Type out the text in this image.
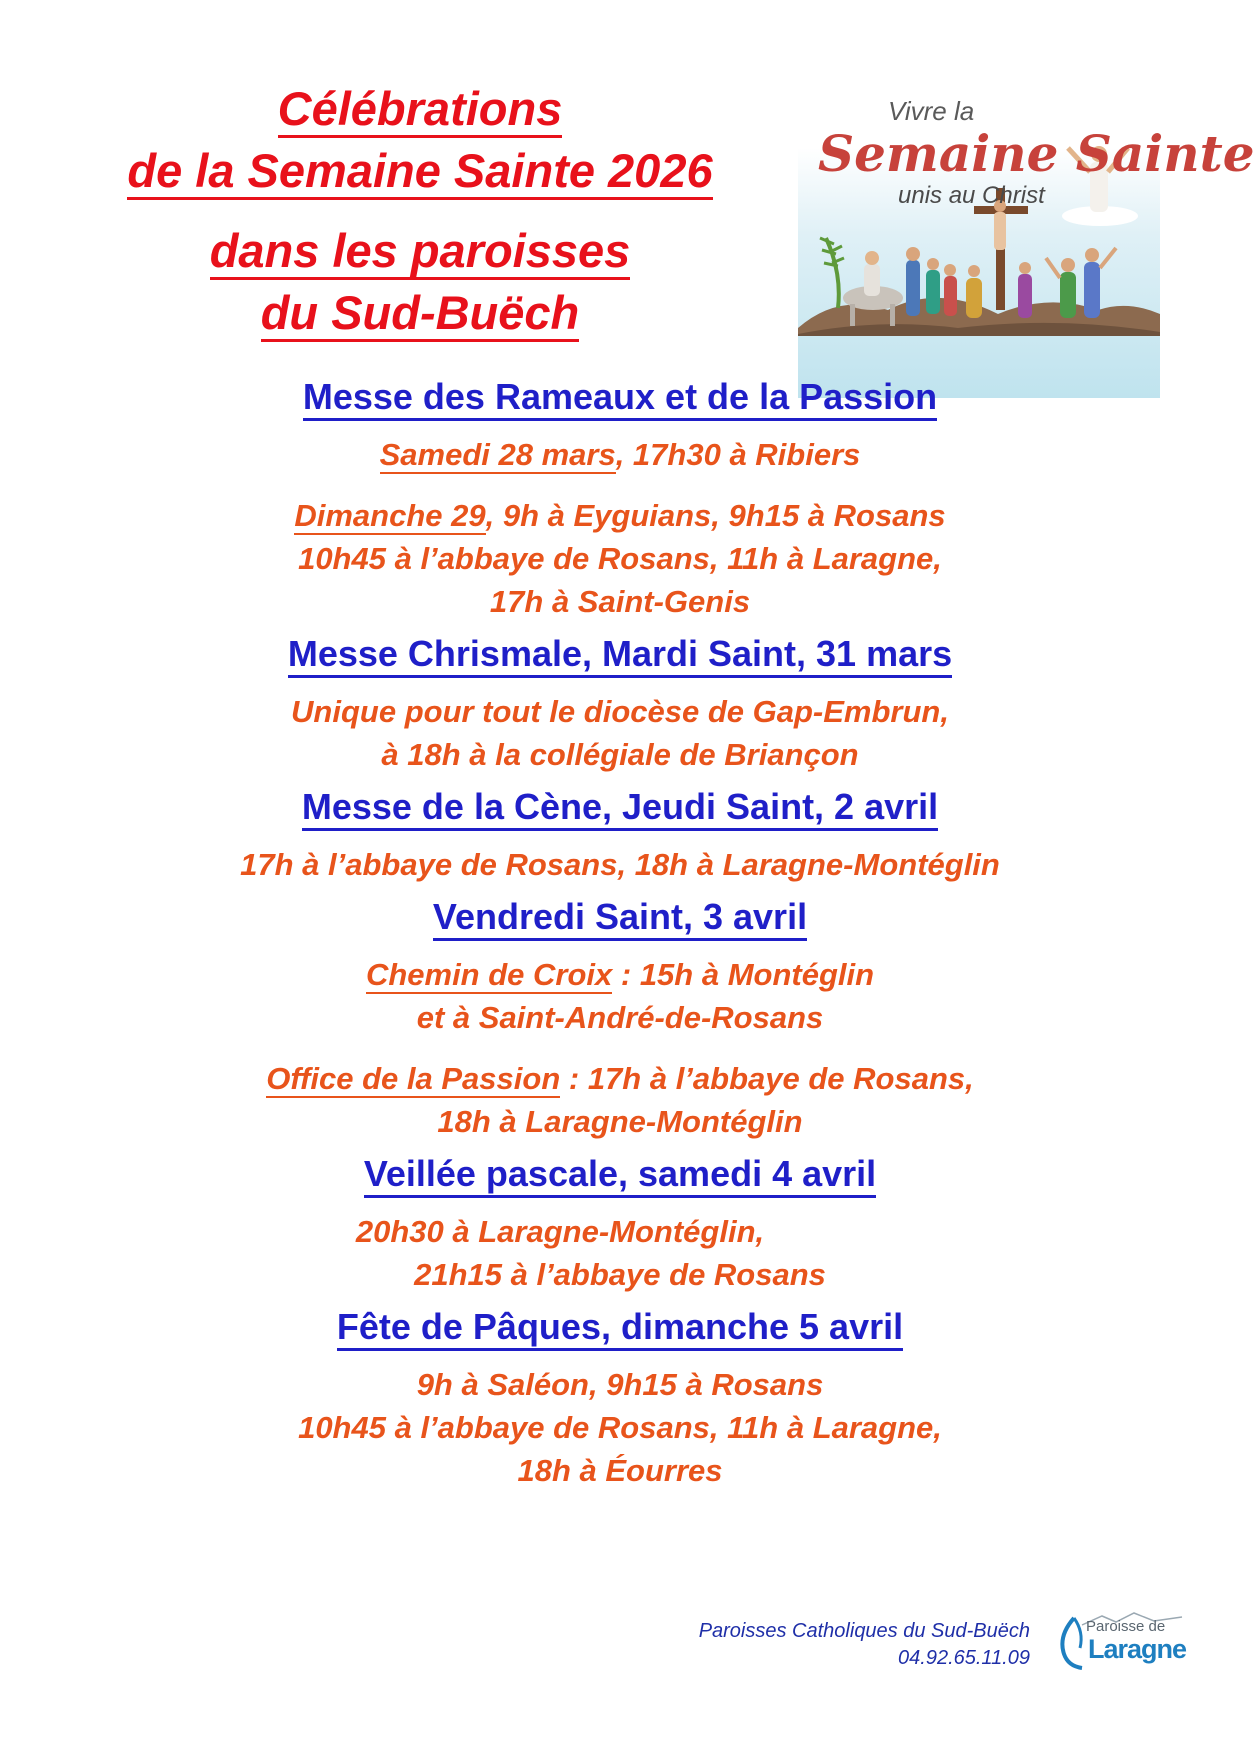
Célébrations
de la Semaine Sainte 2026
dans les paroisses
du Sud-Buëch
Vivre la
Semaine Sainte
unis au Christ
Messe des Rameaux et de la Passion
Samedi 28 mars, 17h30 à Ribiers
Dimanche 29, 9h à Eyguians, 9h15 à Rosans
10h45 à l’abbaye de Rosans, 11h à Laragne,
17h à Saint-Genis
Messe Chrismale, Mardi Saint, 31 mars
Unique pour tout le diocèse de Gap-Embrun,
à 18h à la collégiale de Briançon
Messe de la Cène, Jeudi Saint, 2 avril
17h à l’abbaye de Rosans, 18h à Laragne-Montéglin
Vendredi Saint, 3 avril
Chemin de Croix : 15h à Montéglin
et à Saint-André-de-Rosans
Office de la Passion : 17h à l’abbaye de Rosans,
18h à Laragne-Montéglin
Veillée pascale, samedi 4 avril
20h30 à Laragne-Montéglin,
21h15 à l’abbaye de Rosans
Fête de Pâques, dimanche 5 avril
9h à Saléon, 9h15 à Rosans
10h45 à l’abbaye de Rosans, 11h à Laragne,
18h à Éourres
Paroisses Catholiques du Sud-Buëch
04.92.65.11.09
Paroisse de
Laragne
